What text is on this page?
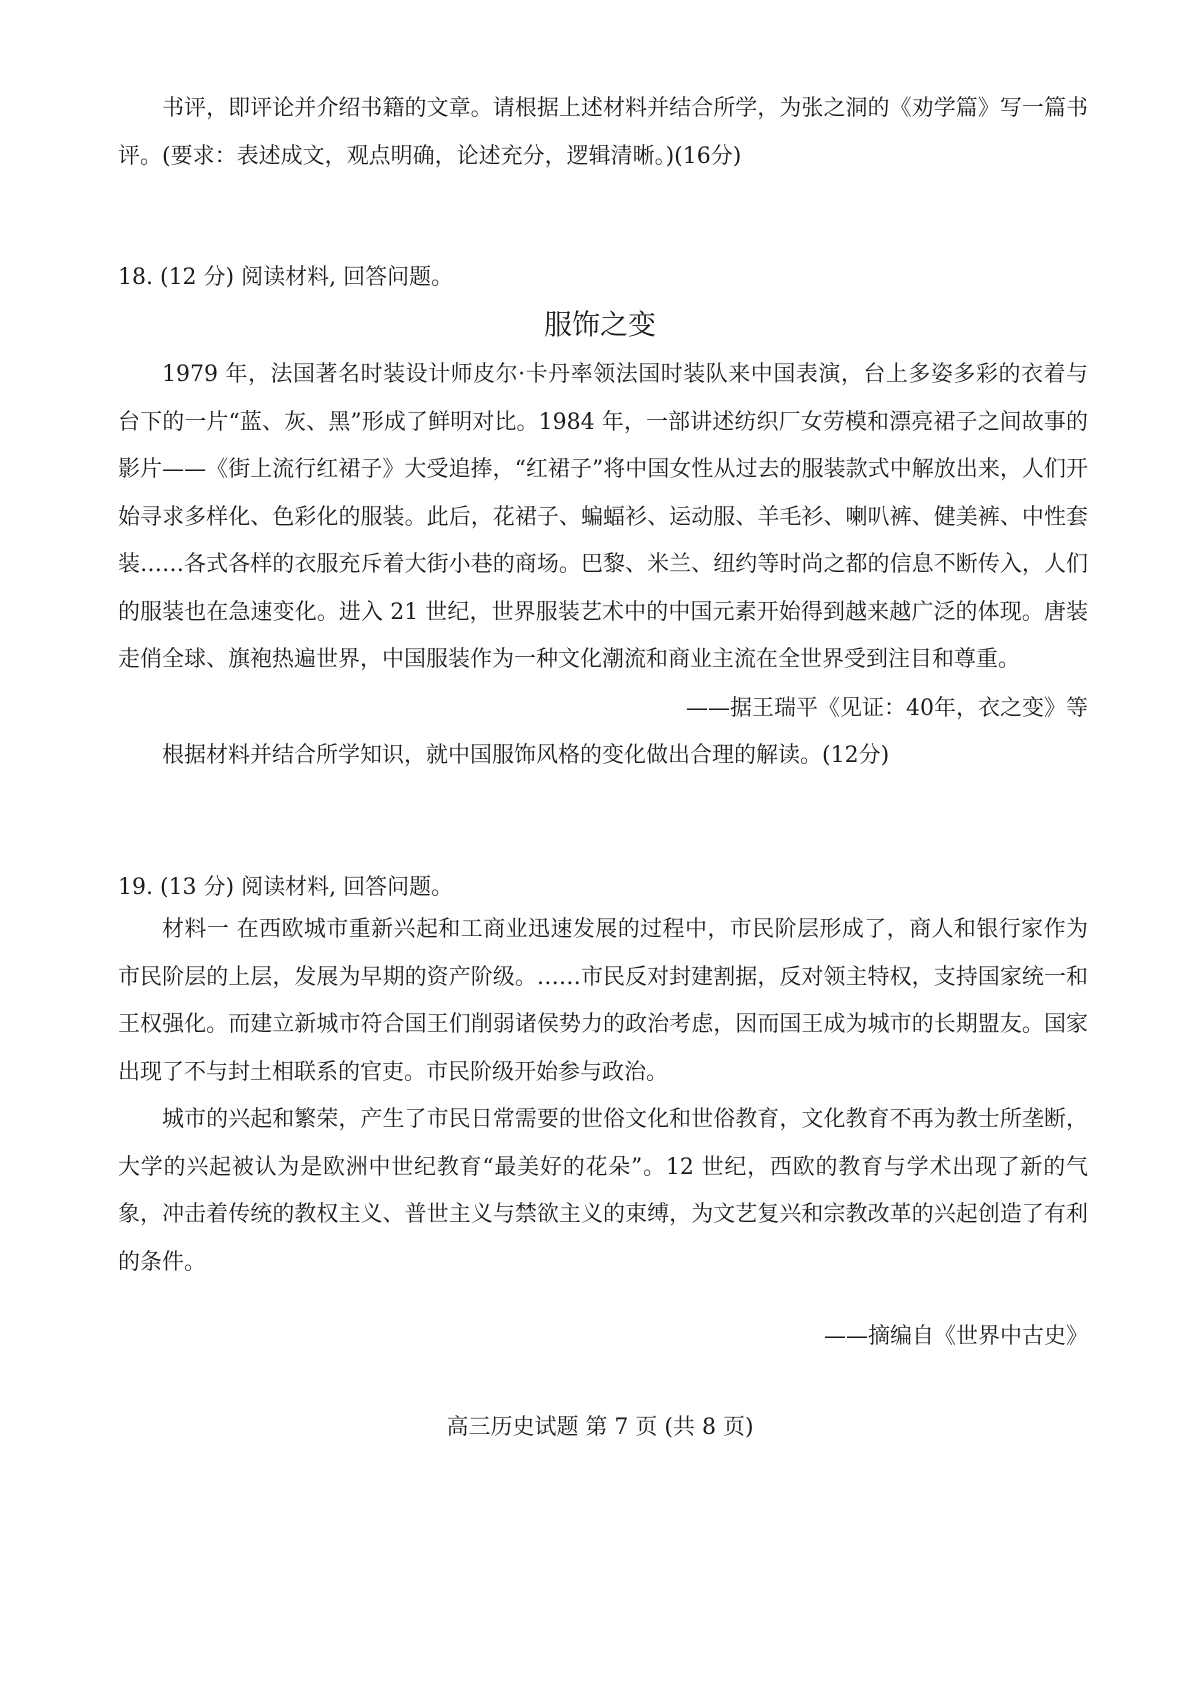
书评，即评论并介绍书籍的文章。请根据上述材料并结合所学，为张之洞的《劝学篇》写一篇书评。(要求：表述成文，观点明确，论述充分，逻辑清晰。)(16分)

18. (12 分) 阅读材料, 回答问题。
服饰之变

1979 年，法国著名时装设计师皮尔·卡丹率领法国时装队来中国表演，台上多姿多彩的衣着与台下的一片“蓝、灰、黑”形成了鲜明对比。1984 年，一部讲述纺织厂女劳模和漂亮裙子之间故事的影片——《街上流行红裙子》大受追捧，“红裙子”将中国女性从过去的服装款式中解放出来，人们开始寻求多样化、色彩化的服装。此后，花裙子、蝙蝠衫、运动服、羊毛衫、喇叭裤、健美裤、中性套装……各式各样的衣服充斥着大街小巷的商场。巴黎、米兰、纽约等时尚之都的信息不断传入，人们的服装也在急速变化。进入 21 世纪，世界服装艺术中的中国元素开始得到越来越广泛的体现。唐装走俏全球、旗袍热遍世界，中国服装作为一种文化潮流和商业主流在全世界受到注目和尊重。

——据王瑞平《见证：40年，衣之变》等

根据材料并结合所学知识，就中国服饰风格的变化做出合理的解读。(12分)

19. (13 分) 阅读材料, 回答问题。

材料一 在西欧城市重新兴起和工商业迅速发展的过程中，市民阶层形成了，商人和银行家作为市民阶层的上层，发展为早期的资产阶级。……市民反对封建割据，反对领主特权，支持国家统一和王权强化。而建立新城市符合国王们削弱诸侯势力的政治考虑，因而国王成为城市的长期盟友。国家出现了不与封土相联系的官吏。市民阶级开始参与政治。

城市的兴起和繁荣，产生了市民日常需要的世俗文化和世俗教育，文化教育不再为教士所垄断，大学的兴起被认为是欧洲中世纪教育“最美好的花朵”。12 世纪，西欧的教育与学术出现了新的气象，冲击着传统的教权主义、普世主义与禁欲主义的束缚，为文艺复兴和宗教改革的兴起创造了有利的条件。

——摘编自《世界中古史》
高三历史试题 第 7 页 (共 8 页)
